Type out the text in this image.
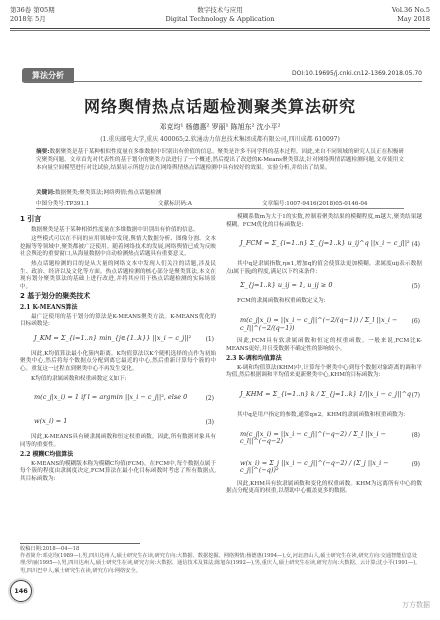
第36卷 第05期
2018年 5月
数字技术与应用
Digital Technology & Application
Vol.36 No.5
May 2018
算法分析	DOI:10.19695/j.cnki.cn12-1369.2018.05.70
网络舆情热点话题检测聚类算法研究
邓克均¹ 杨德惠² 罗丽¹ 陈旭东² 沈小平²
(1.重庆邮电大学,重庆 400065;2.软通动力信息技术集团成都有限公司,四川成都 610097)
摘要:数据聚类是基于某种相似性度量在多维数据中识别出有价值的信息。聚类是许多不同学科的基本过程。因此,来自不同领域的研究人员正在积极研究聚类问题。文章首先对代表性的基于划分的聚类方法进行了一个概述,然后提出了改进的K-Means聚类算法,针对网络舆情话题检测问题,文章使用文本向量空间模型进行对比试验,结果显示所提方法在网络舆情热点话题检测中具有较好的效果。实验分析,并给出了结果。
关键词:数据聚类;聚类算法;网络舆情;热点话题检测
中图分类号:TP391.1	文献标识码:A	文章编号:1007-9416(2018)05-0146-04
1 引言
数据聚类是基于某种相似性度量在多维数据中识别出有价值的信息。
这些模式可以在不同的应用领域中发现,舆情大数据分析、图像分割、文本挖掘等等领域中,聚类都被广泛使用。随着网络技术的发展,网络舆情已成为反映社会舆论的重要窗口,从海量数据中自动检测热点话题具有重要意义。
热点话题检测的目的是从大量的网络文本中发现人们关注的话题,涉及民生、政治、经济以及文化等方面。热点话题检测的核心部分是聚类算法,本文在现有划分聚类算法的基础上进行改进,并将其应用于热点话题检测的实际场景中。
2 基于划分的聚类技术
2.1 K-MEANS算法
最广泛使用的基于划分的算法是K-MEANS聚类方法。K-MEANS优化的目标函数是:
J_KM = Σ_{i=1..n} min_{j∈{1..k}} ||x_i − c_j||² (1)
因此,K均值算法最小化簇内距离。K均值算法以K个随机选择的点作为初始聚类中心,然后将每个数据点分配到离它最近的中心,然后重新计算每个簇的中心。重复这一过程直到聚类中心不再发生变化。
K均值的隶属函数和权重函数定义如下:
m(c_j|x_i) = 1 if l = argmin ||x_i − c_j||², else 0	(2)
w(x_i) = 1	(3)
因此,K-MEANS具有硬隶属函数和恒定权重函数。因此,所有数据对象具有同等的重要性。
2.2 模糊C均值算法
K-MEANS的模糊版本称为模糊C均值(FCM)。在FCM中,每个数据点属于每个簇的程度由隶属度决定,FCM算法在最小化目标函数时考虑了所有数据点,其目标函数为:
模糊系数m为大于1的实数,控制着聚类结果的模糊程度,m越大,聚类结果越模糊。FCM优化的目标函数是:
J_FCM = Σ_{i=1..n} Σ_{j=1..k} u_ij^q ||x_i − c_j||² (4)
其中q是隶属指数,η≥1,增加q的值会使算法更加模糊。隶属度uij表示数据点i属于簇j的程度,满足以下约束条件:
Σ_{j=1..k} u_ij = 1, u_ij ≥ 0	(5)
FCM的隶属函数和权重函数定义为:
m(c_j|x_i) = ||x_i − c_j||^(−2/(q−1)) / Σ_l ||x_i − c_l||^(−2/(q−1))
(6)
因此,FCM具有软隶属函数和恒定的权重函数。一般来说,FCM比K-MEANS更好,并且受数据不确定性的影响较小。
2.3 K-调和均值算法
K-调和均值算法(KHM)中,计算每个聚类中心到每个数据对象距离的调和平均值,然后根据调和平均值来更新聚类中心,KHM的目标函数为:
J_KHM = Σ_{i=1..n} k / Σ_{j=1..k} 1/||x_i − c_j||^q (7)
其中q是用户指定的参数,通常q≥2。KHM的隶属函数和权重函数为:
m(c_j|x_i) = ||x_i − c_j||^(−q−2) / Σ_l ||x_i − c_l||^(−q−2)
(8)
w(x_i) = Σ_j ||x_i − c_j||^(−q−2) / (Σ_j ||x_i − c_j||^(−q))²
(9)
因此,KHM具有软隶属函数和变化的权重函数。KHM为远离所有中心的数据点分配更高的权重,以帮助中心覆盖更多的数据。
收稿日期:2018—04—18
作者简介:邓克均(1989—),男,四川达州人,硕士研究生在读,研究方向:大数据、数据挖掘、网络舆情;杨德惠(1994—),女,河北唐山人,硕士研究生在读,研究方向:交通智能信息处理;罗丽(1995—),男,四川达州人,硕士研究生在读,研究方向:大数据、通信技术及算法;陈旭东(1992—),男,重庆人,硕士研究生在读,研究方向:大数据、云计算;沈小平(1991—),男,四川巴中人,硕士研究生在读,研究方向:网络安全。
146
万方数据
